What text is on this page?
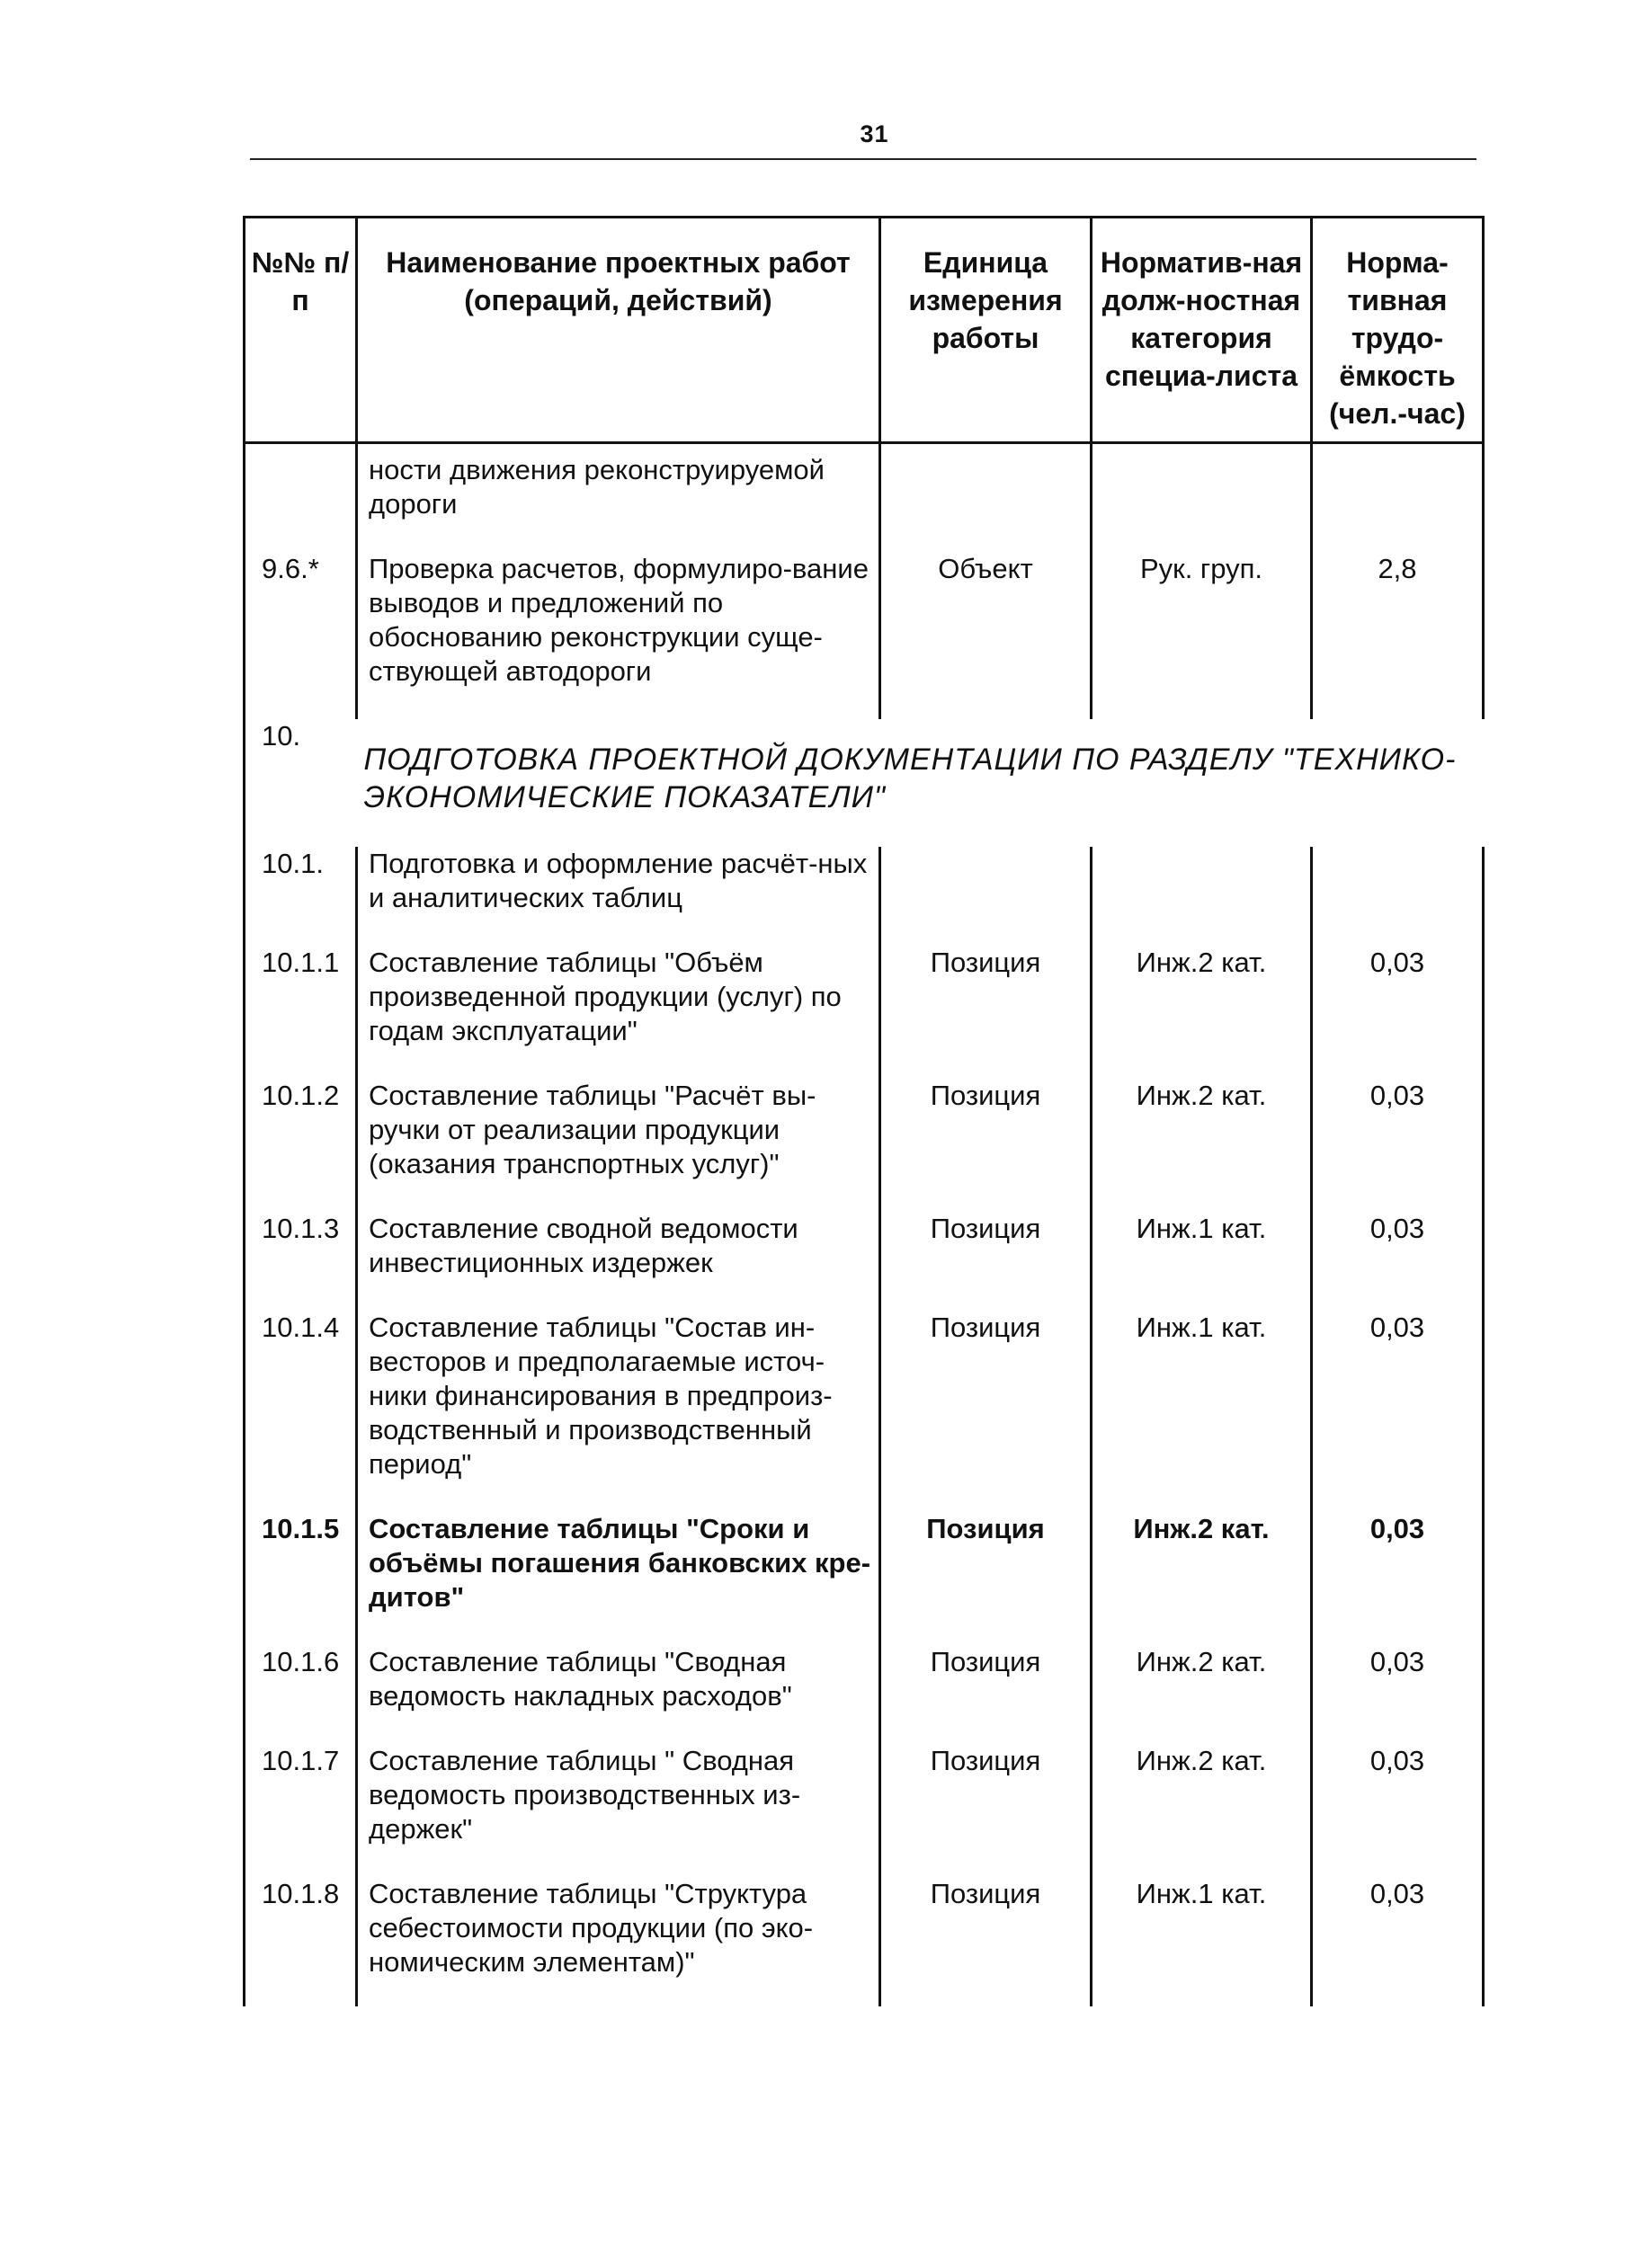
31
№№ п/п	Наименование проектных работ (операций, действий)	Единица измерения работы	Норматив-ная долж-ностная категория специа-листа	Норма-тивная трудо-ёмкость (чел.-час)
	ности движения реконструируемой дороги			
9.6.*	Проверка расчетов, формулиро-вание выводов и предложений по обоснованию реконструкции суще-ствующей автодороги	Объект	Рук. груп.	2,8
10.	ПОДГОТОВКА ПРОЕКТНОЙ ДОКУМЕНТАЦИИ ПО РАЗДЕЛУ "ТЕХНИКО-ЭКОНОМИЧЕСКИЕ ПОКАЗАТЕЛИ"			
10.1.	Подготовка и оформление расчёт-ных и аналитических таблиц			
10.1.1	Составление таблицы "Объём произведенной продукции (услуг) по годам эксплуатации"	Позиция	Инж.2 кат.	0,03
10.1.2	Составление таблицы "Расчёт вы-ручки от реализации продукции (оказания транспортных услуг)"	Позиция	Инж.2 кат.	0,03
10.1.3	Составление сводной ведомости инвестиционных издержек	Позиция	Инж.1 кат.	0,03
10.1.4	Составление таблицы "Состав ин-весторов и предполагаемые источ-ники финансирования в предпроиз-водственный и производственный период"	Позиция	Инж.1 кат.	0,03
10.1.5	Составление таблицы "Сроки и объёмы погашения банковских кре-дитов"	Позиция	Инж.2 кат.	0,03
10.1.6	Составление таблицы "Сводная ведомость накладных расходов"	Позиция	Инж.2 кат.	0,03
10.1.7	Составление таблицы " Сводная ведомость производственных из-держек"	Позиция	Инж.2 кат.	0,03
10.1.8	Составление таблицы "Структура себестоимости продукции (по эко-номическим элементам)"	Позиция	Инж.1 кат.	0,03
